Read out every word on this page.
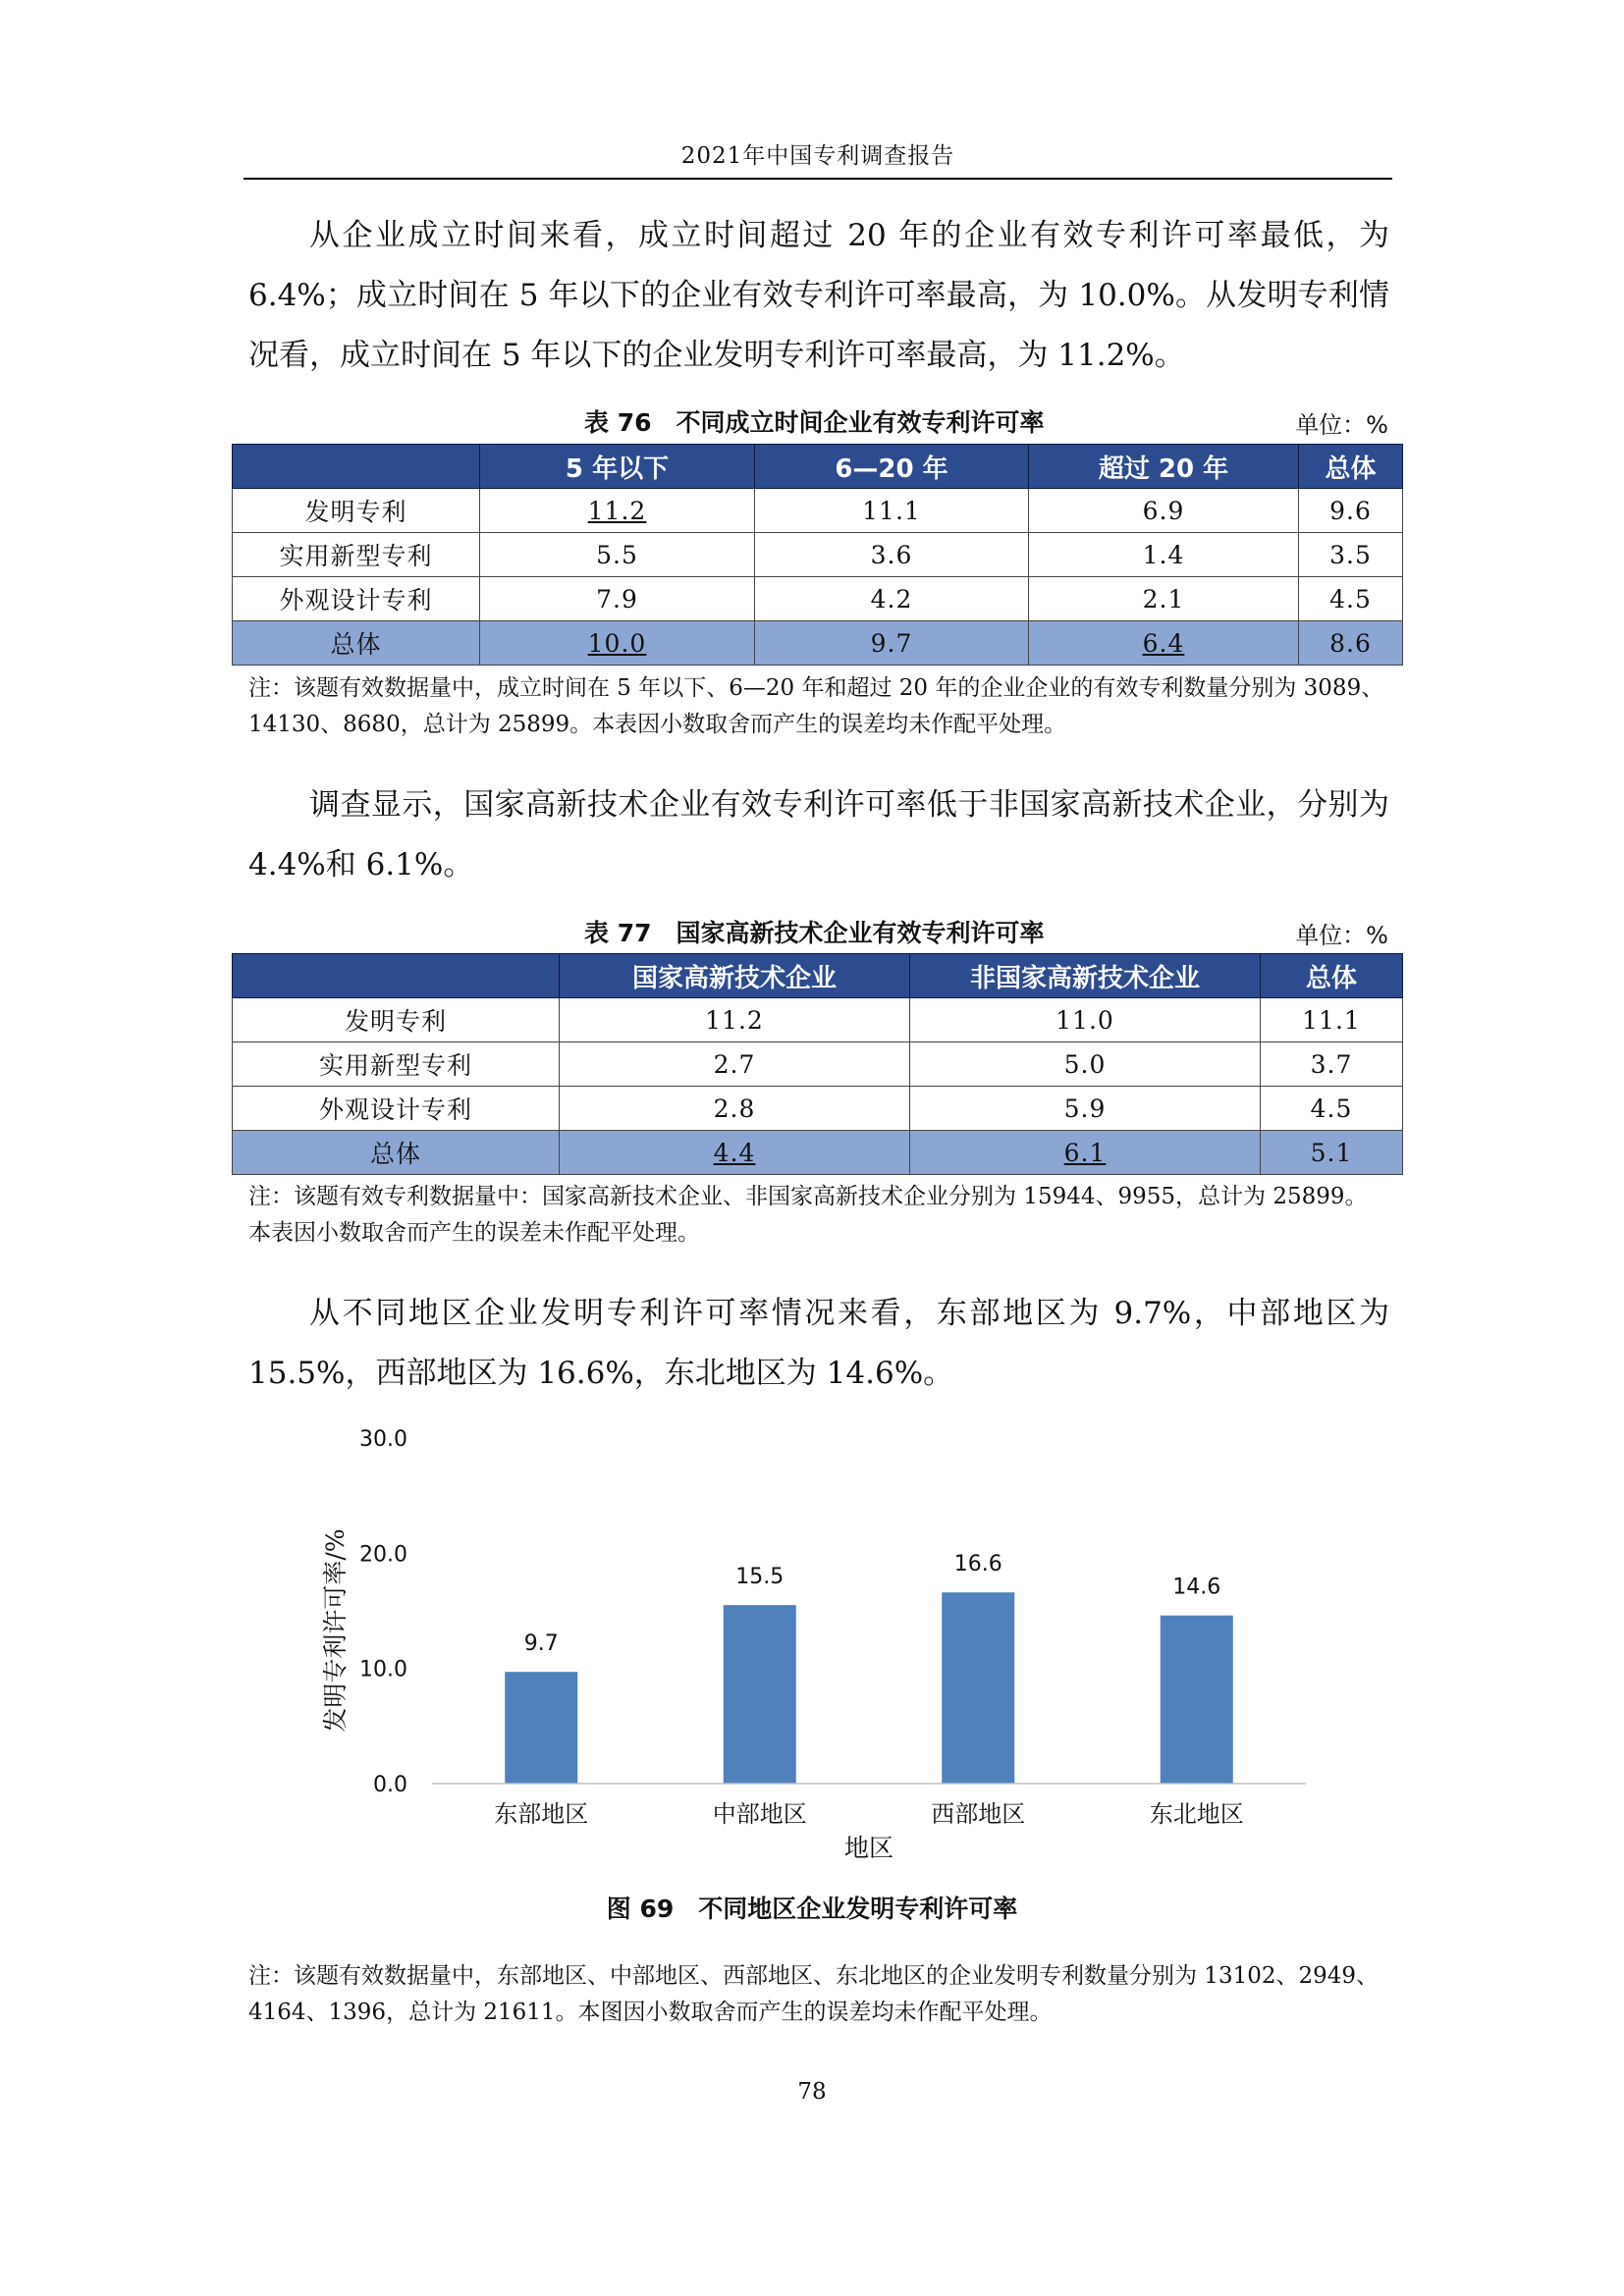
2021年中国专利调查报告

从企业成立时间来看，成立时间超过 20 年的企业有效专利许可率最低，为 6.4%；成立时间在 5 年以下的企业有效专利许可率最高，为 10.0%。从发明专利情况看，成立时间在 5 年以下的企业发明专利许可率最高，为 11.2%。

表 76　不同成立时间企业有效专利许可率	单位：%
	5 年以下	6—20 年	超过 20 年	总体
发明专利	11.2	11.1	6.9	9.6
实用新型专利	5.5	3.6	1.4	3.5
外观设计专利	7.9	4.2	2.1	4.5
总体	10.0	9.7	6.4	8.6

注：该题有效数据量中，成立时间在 5 年以下、6—20 年和超过 20 年的企业企业的有效专利数量分别为 3089、14130、8680，总计为 25899。本表因小数取舍而产生的误差均未作配平处理。

调查显示，国家高新技术企业有效专利许可率低于非国家高新技术企业，分别为 4.4%和 6.1%。

表 77　国家高新技术企业有效专利许可率	单位：%
	国家高新技术企业	非国家高新技术企业	总体
发明专利	11.2	11.0	11.1
实用新型专利	2.7	5.0	3.7
外观设计专利	2.8	5.9	4.5
总体	4.4	6.1	5.1

注：该题有效专利数据量中：国家高新技术企业、非国家高新技术企业分别为 15944、9955，总计为 25899。本表因小数取舍而产生的误差未作配平处理。

从不同地区企业发明专利许可率情况来看，东部地区为 9.7%，中部地区为 15.5%，西部地区为 16.6%，东北地区为 14.6%。

0.0
10.0
20.0
30.0
9.7
15.5
16.6
14.6
东部地区	中部地区	西部地区	东北地区
发明专利许可率/%
地区
图 69　不同地区企业发明专利许可率

注：该题有效数据量中，东部地区、中部地区、西部地区、东北地区的企业发明专利数量分别为 13102、2949、4164、1396，总计为 21611。本图因小数取舍而产生的误差均未作配平处理。

78
